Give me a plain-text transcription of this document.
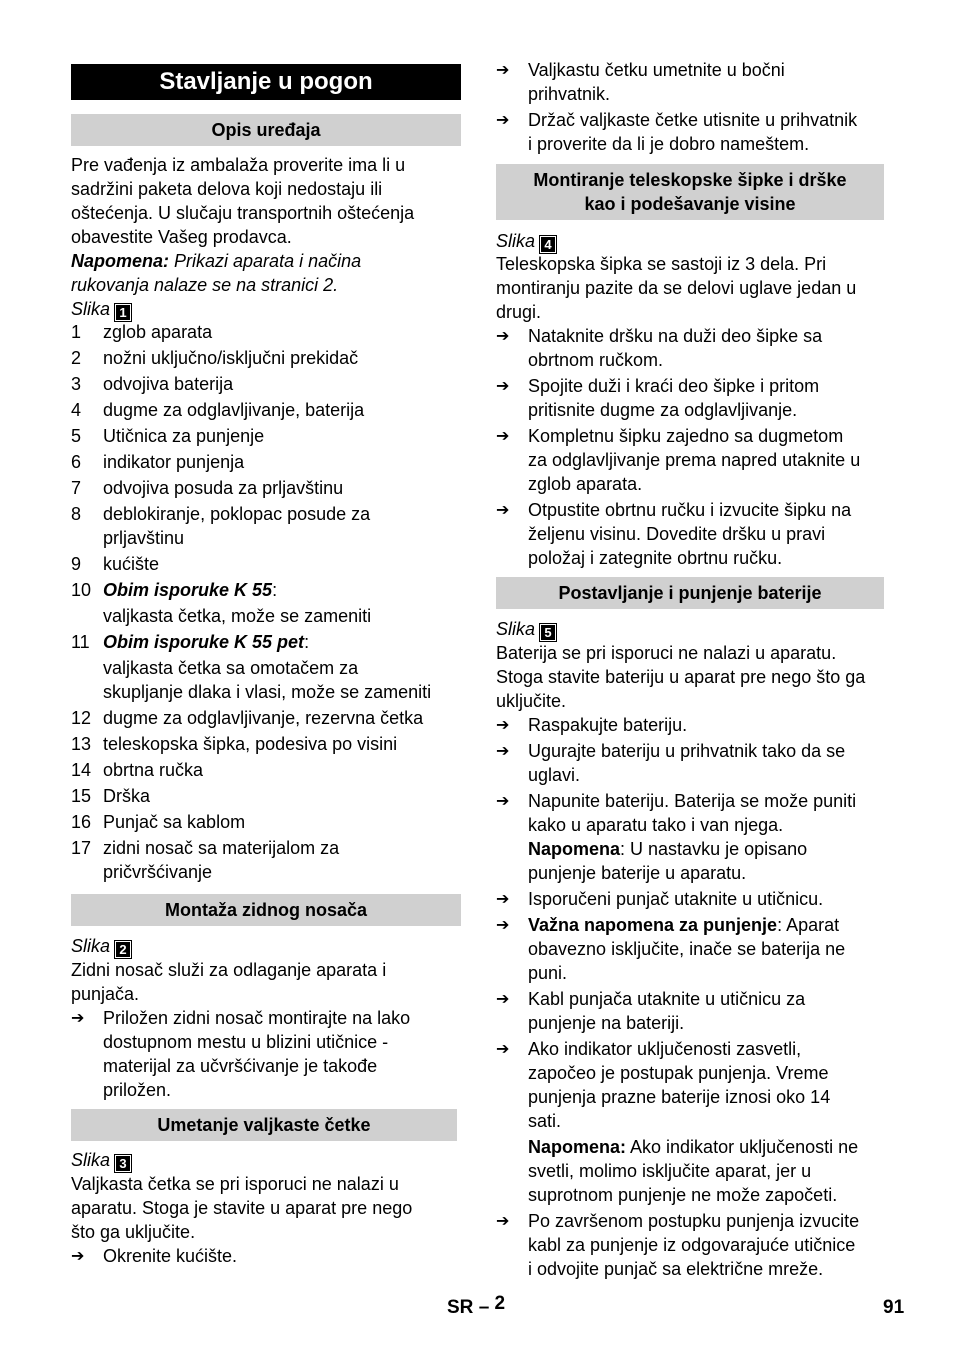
Stavljanje u pogon
Opis uređaja
Pre vađenja iz ambalaža proverite ima li u
sadržini paketa delova koji nedostaju ili
oštećenja. U slučaju transportnih oštećenja
obavestite Vašeg prodavca.
Napomena: Prikazi aparata i načina
rukovanja nalaze se na stranici 2.
Slika 1
1 zglob aparata
2 nožni uključno/isključni prekidač
3 odvojiva baterija
4 dugme za odglavljivanje, baterija
5 Utičnica za punjenje
6 indikator punjenja
7 odvojiva posuda za prljavštinu
8 deblokiranje, poklopac posude za
prljavštinu
9 kućište
10 Obim isporuke K 55:
valjkasta četka, može se zameniti
11 Obim isporuke K 55 pet:
valjkasta četka sa omotačem za
skupljanje dlaka i vlasi, može se zameniti
12 dugme za odglavljivanje, rezervna četka
13 teleskopska šipka, podesiva po visini
14 obrtna ručka
15 Drška
16 Punjač sa kablom
17 zidni nosač sa materijalom za
pričvršćivanje
Montaža zidnog nosača
Slika 2
Zidni nosač služi za odlaganje aparata i
punjača.
➔ Priložen zidni nosač montirajte na lako
dostupnom mestu u blizini utičnice -
materijal za učvršćivanje je takođe
priložen.
Umetanje valjkaste četke
Slika 3
Valjkasta četka se pri isporuci ne nalazi u
aparatu. Stoga je stavite u aparat pre nego
što ga uključite.
➔ Okrenite kućište.
➔ Valjkastu četku umetnite u bočni
prihvatnik.
➔ Držač valjkaste četke utisnite u prihvatnik
i proverite da li je dobro nameštem.
Montiranje teleskopske šipke i drške
kao i podešavanje visine
Slika 4
Teleskopska šipka se sastoji iz 3 dela. Pri
montiranju pazite da se delovi uglave jedan u
drugi.
➔ Nataknite dršku na duži deo šipke sa
obrtnom ručkom.
➔ Spojite duži i kraći deo šipke i pritom
pritisnite dugme za odglavljivanje.
➔ Kompletnu šipku zajedno sa dugmetom
za odglavljivanje prema napred utaknite u
zglob aparata.
➔ Otpustite obrtnu ručku i izvucite šipku na
željenu visinu. Dovedite dršku u pravi
položaj i zategnite obrtnu ručku.
Postavljanje i punjenje baterije
Slika 5
Baterija se pri isporuci ne nalazi u aparatu.
Stoga stavite bateriju u aparat pre nego što ga
uključite.
➔ Raspakujte bateriju.
➔ Ugurajte bateriju u prihvatnik tako da se
uglavi.
➔ Napunite bateriju. Baterija se može puniti
kako u aparatu tako i van njega.
Napomena: U nastavku je opisano
punjenje baterije u aparatu.
➔ Isporučeni punjač utaknite u utičnicu.
➔ Važna napomena za punjenje: Aparat
obavezno isključite, inače se baterija ne
puni.
➔ Kabl punjača utaknite u utičnicu za
punjenje na bateriji.
➔ Ako indikator uključenosti zasvetli,
započeo je postupak punjenja. Vreme
punjenja prazne baterije iznosi oko 14
sati.
Napomena: Ako indikator uključenosti ne
svetli, molimo isključite aparat, jer u
suprotnom punjenje ne može započeti.
➔ Po završenom postupku punjenja izvucite
kabl za punjenje iz odgovarajuće utičnice
i odvojite punjač sa električne mreže.
SR – 2	91
